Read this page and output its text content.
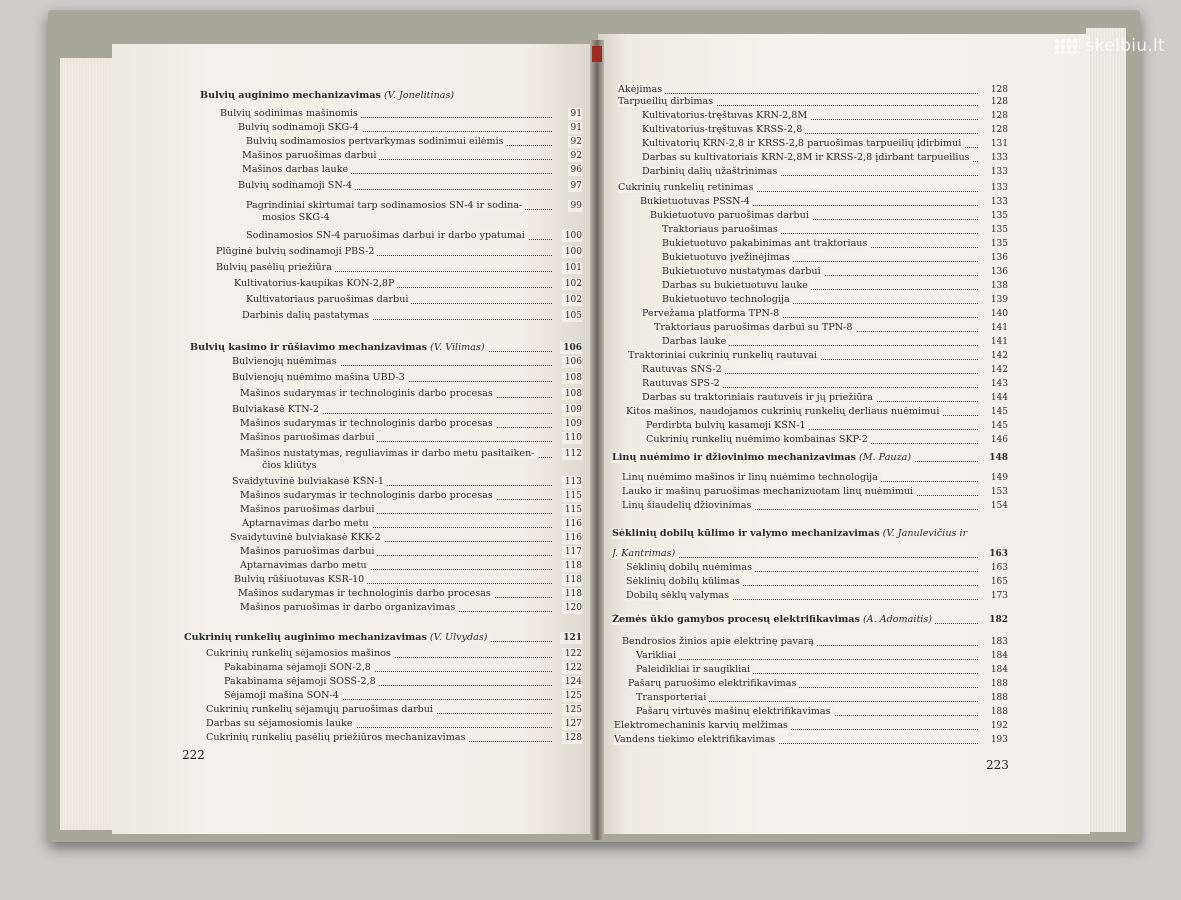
Bulvių auginimo mechanizavimas (V. Jonelitinas)
Bulvių sodinimas mašinomis	91
Bulvių sodinamoji SKG-4	91
Bulvių sodinamosios pertvarkymas sodinimui eilėmis	92
Mašinos paruošimas darbui	92
Mašinos darbas lauke	96
Bulvių sodinamoji SN-4	97
Pagrindiniai skirtumai tarp sodinamosios SN-4 ir sodina-	99
mosios SKG-4
Sodinamosios SN-4 paruošimas darbui ir darbo ypatumai	100
Plūginė bulvių sodinamoji PBS-2	100
Bulvių pasėlių priežiūra	101
Kultivatorius-kaupikas KON-2,8P	102
Kultivatoriaus paruošimas darbui	102
Darbinis dalių pastatymas	105
Bulvių kasimo ir rūšiavimo mechanizavimas (V. Vilimas)	106
Bulvienojų nuėmimas	106
Bulvienojų nuėmimo mašina UBD-3	108
Mašinos sudarymas ir technologinis darbo procesas	108
Bulviakasė KTN-2	109
Mašinos sudarymas ir technologinis darbo procesas	109
Mašinos paruošimas darbui	110
Mašinos nustatymas, reguliavimas ir darbo metu pasitaiken-	112
čios kliūtys
Svaidytuvinė bulviakasė KŠN-1	113
Mašinos sudarymas ir technologinis darbo procesas	115
Mašinos paruošimas darbui	115
Aptarnavimas darbo metu	116
Svaidytuvinė bulviakasė KKK-2	116
Mašinos paruošimas darbui	117
Aptarnavimas darbo metu	118
Bulvių rūšiuotuvas KSR-10	118
Mašinos sudarymas ir technologinis darbo procesas	118
Mašinos paruošimas ir darbo organizavimas	120
Cukrinių runkelių auginimo mechanizavimas (V. Ulvydas)	121
Cukrinių runkelių sėjamosios mašinos	122
Pakabinama sėjamoji SON-2,8	122
Pakabinama sėjamoji SOSŠ-2,8	124
Sėjamoji mašina SON-4	125
Cukrinių runkelių sėjamųjų paruošimas darbui	125
Darbas su sėjamosiomis lauke	127
Cukrinių runkelių pasėlių priežiūros mechanizavimas	128
222
Akėjimas	128
Tarpueilių dirbimas	128
Kultivatorius-tręštuvas KRN-2,8M	128
Kultivatorius-tręštuvas KRSS-2,8	128
Kultivatorių KRN-2,8 ir KRSS-2,8 paruošimas tarpueilių įdirbimui	131
Darbas su kultivatoriais KRN-2,8M ir KRSS-2,8 įdirbant tarpueilius	133
Darbinių dalių užaštrinimas	133
Cukrinių runkelių retinimas	133
Bukietuotuvas PSSN-4	133
Bukietuotuvo paruošimas darbui	135
Traktoriaus paruošimas	135
Bukietuotuvo pakabinimas ant traktoriaus	135
Bukietuotuvo įvežinėjimas	136
Bukietuotuvo nustatymas darbui	136
Darbas su bukietuotuvu lauke	138
Bukietuotuvo technologija	139
Pervežama platforma TPN-8	140
Traktoriaus paruošimas darbui su TPN-8	141
Darbas lauke	141
Traktoriniai cukrinių runkelių rautuvai	142
Rautuvas SNS-2	142
Rautuvas SPS-2	143
Darbas su traktoriniais rautuveis ir jų priežiūra	144
Kitos mašinos, naudojamos cukrinių runkelių derliaus nuėmimui	145
Perdirbta bulvių kasamoji KŠN-1	145
Cukrinių runkelių nuėmimo kombainas SKP-2	146
Linų nuėmimo ir džiovinimo mechanizavimas (M. Pauza)	148
Linų nuėmimo mašinos ir linų nuėmimo technologija	149
Lauko ir mašinų paruošimas mechanizuotam linų nuėmimui	153
Linų šiaudelių džiovinimas	154
Sėklinių dobilų kūlimo ir valymo mechanizavimas (V. Janulevičius ir
J. Kantrimas)	163
Sėklinių dobilų nuėmimas	163
Sėklinių dobilų kūlimas	165
Dobilų sėklų valymas	173
Žemės ūkio gamybos procesų elektrifikavimas (A. Adomaitis)	182
Bendrosios žinios apie elektrinę pavarą	183
Varikliai	184
Paleidikliai ir saugikliai	184
Pašarų paruošimo elektrifikavimas	188
Transporteriai	188
Pašarų virtuvės mašinų elektrifikavimas	188
Elektromechaninis karvių melžimas	192
Vandens tiekimo elektrifikavimas	193
223
skelbiu.lt
